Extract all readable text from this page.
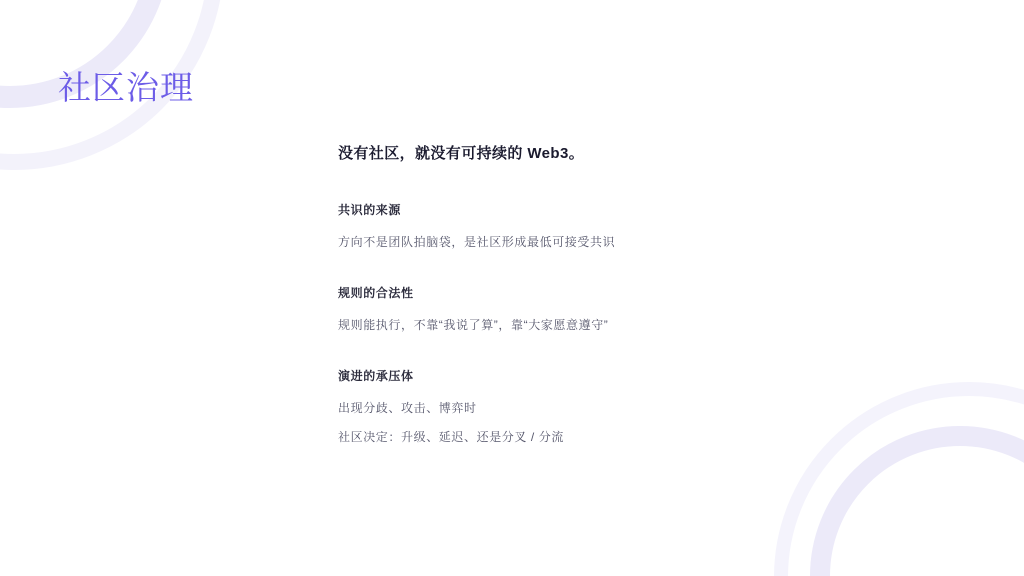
社区治理
没有社区，就没有可持续的 Web3。
共识的来源
方向不是团队拍脑袋，是社区形成最低可接受共识
规则的合法性
规则能执行，不靠“我说了算”，靠“大家愿意遵守”
演进的承压体
出现分歧、攻击、博弈时
社区决定：升级、延迟、还是分叉 / 分流
